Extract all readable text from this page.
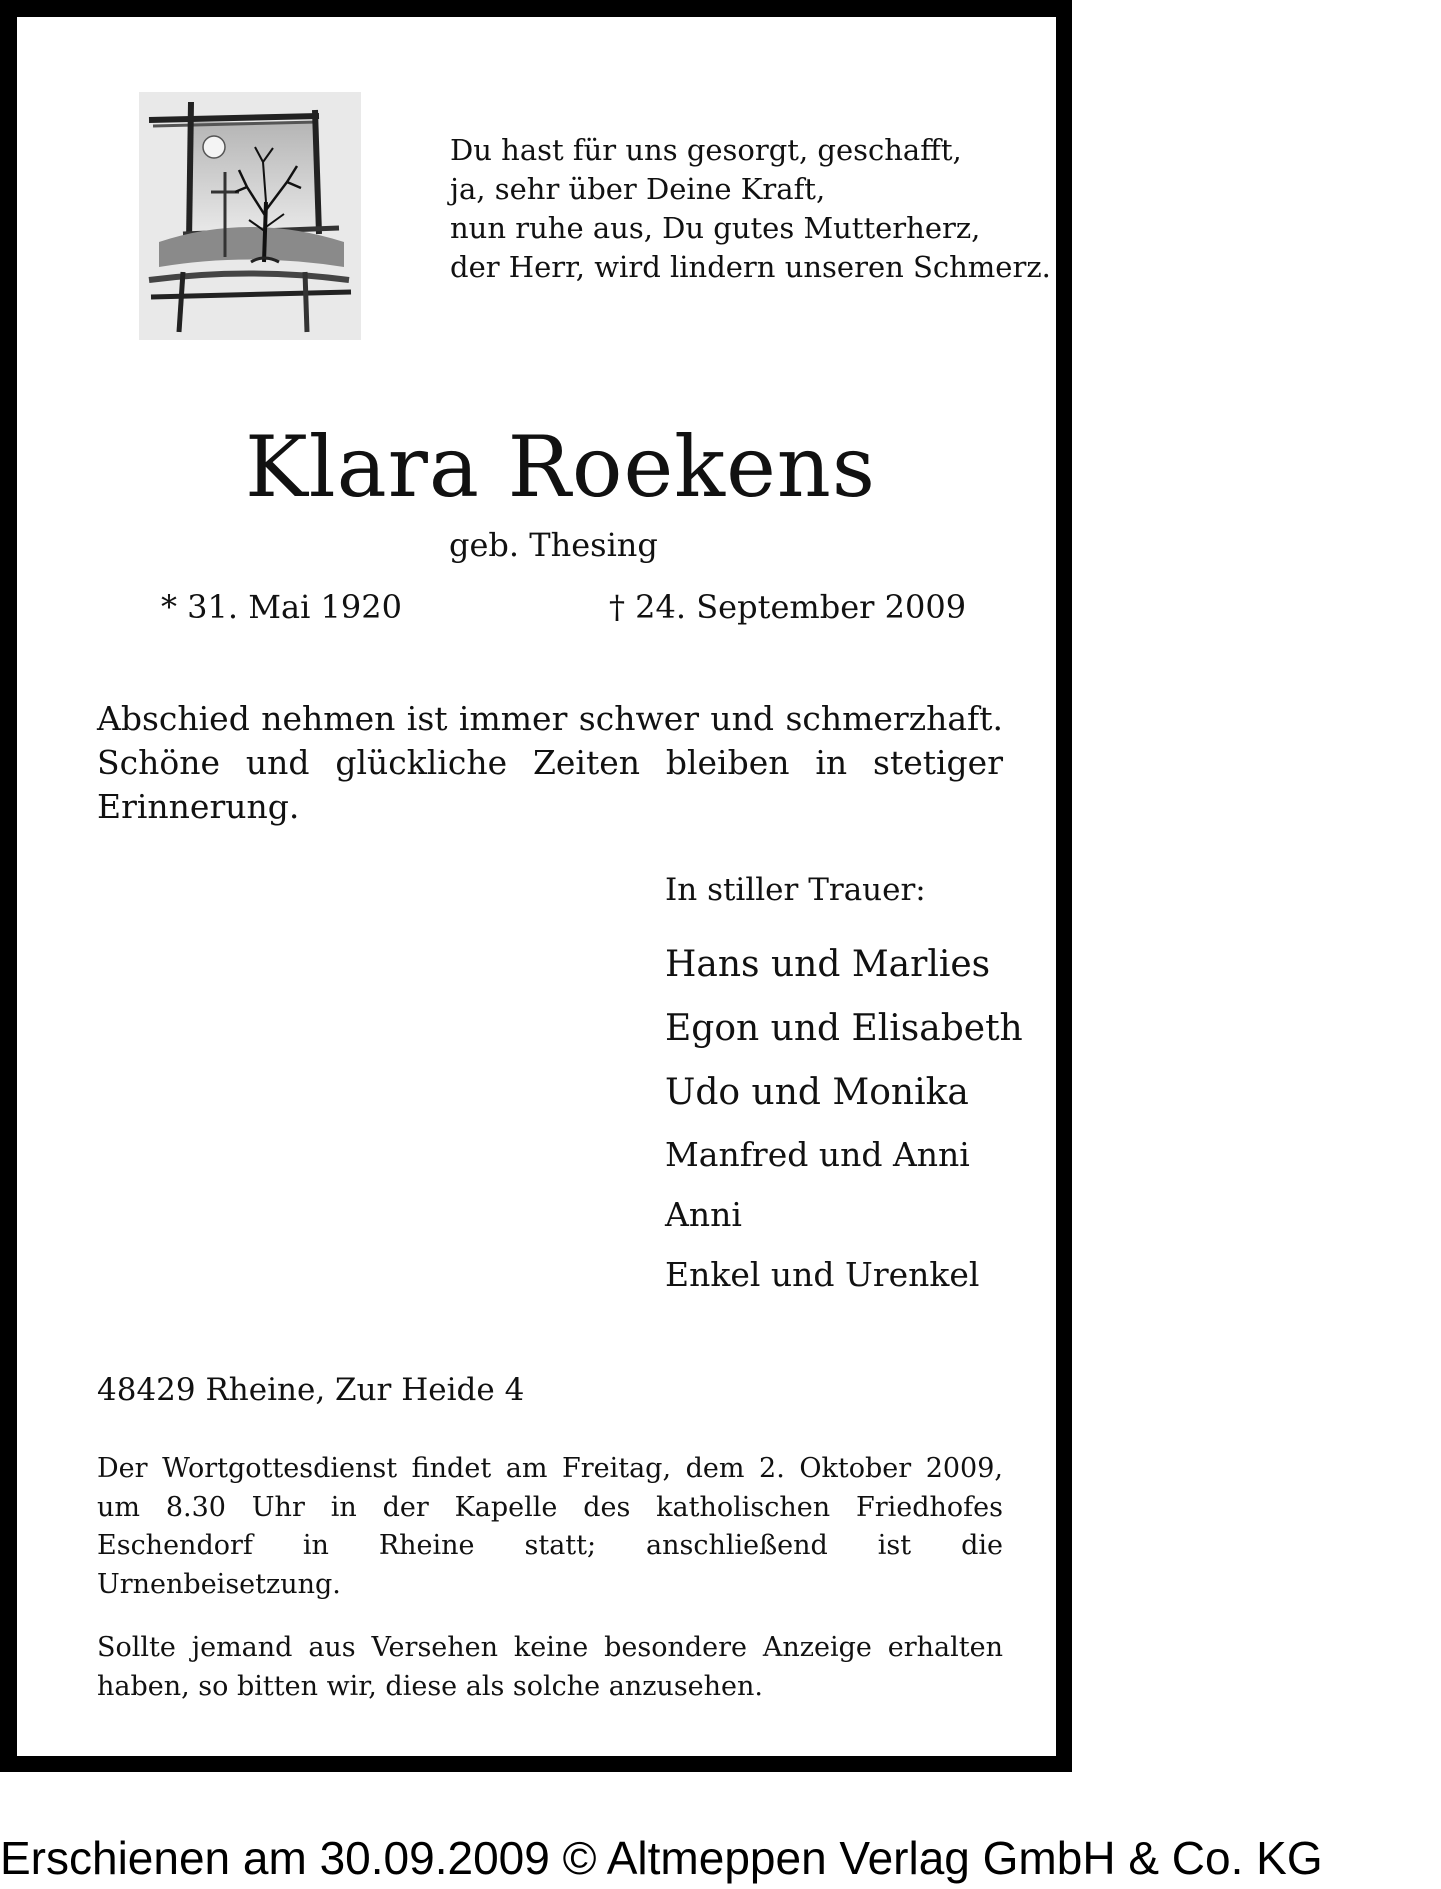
Du hast für uns gesorgt, geschafft,
ja, sehr über Deine Kraft,
nun ruhe aus, Du gutes Mutterherz,
der Herr, wird lindern unseren Schmerz.
Klara Roekens
geb. Thesing
* 31. Mai 1920	† 24. September 2009
Abschied nehmen ist immer schwer und schmerzhaft. Schöne und glückliche Zeiten bleiben in stetiger Erinnerung.
In stiller Trauer:
Hans und Marlies
Egon und Elisabeth
Udo und Monika
Manfred und Anni
Anni
Enkel und Urenkel
48429 Rheine, Zur Heide 4
Der Wortgottesdienst findet am Freitag, dem 2. Oktober 2009, um 8.30 Uhr in der Kapelle des katholischen Friedhofes Eschendorf in Rheine statt; anschließend ist die Urnenbeisetzung.
Sollte jemand aus Versehen keine besondere Anzeige erhalten haben, so bitten wir, diese als solche anzusehen.
Erschienen am 30.09.2009 © Altmeppen Verlag GmbH & Co. KG
